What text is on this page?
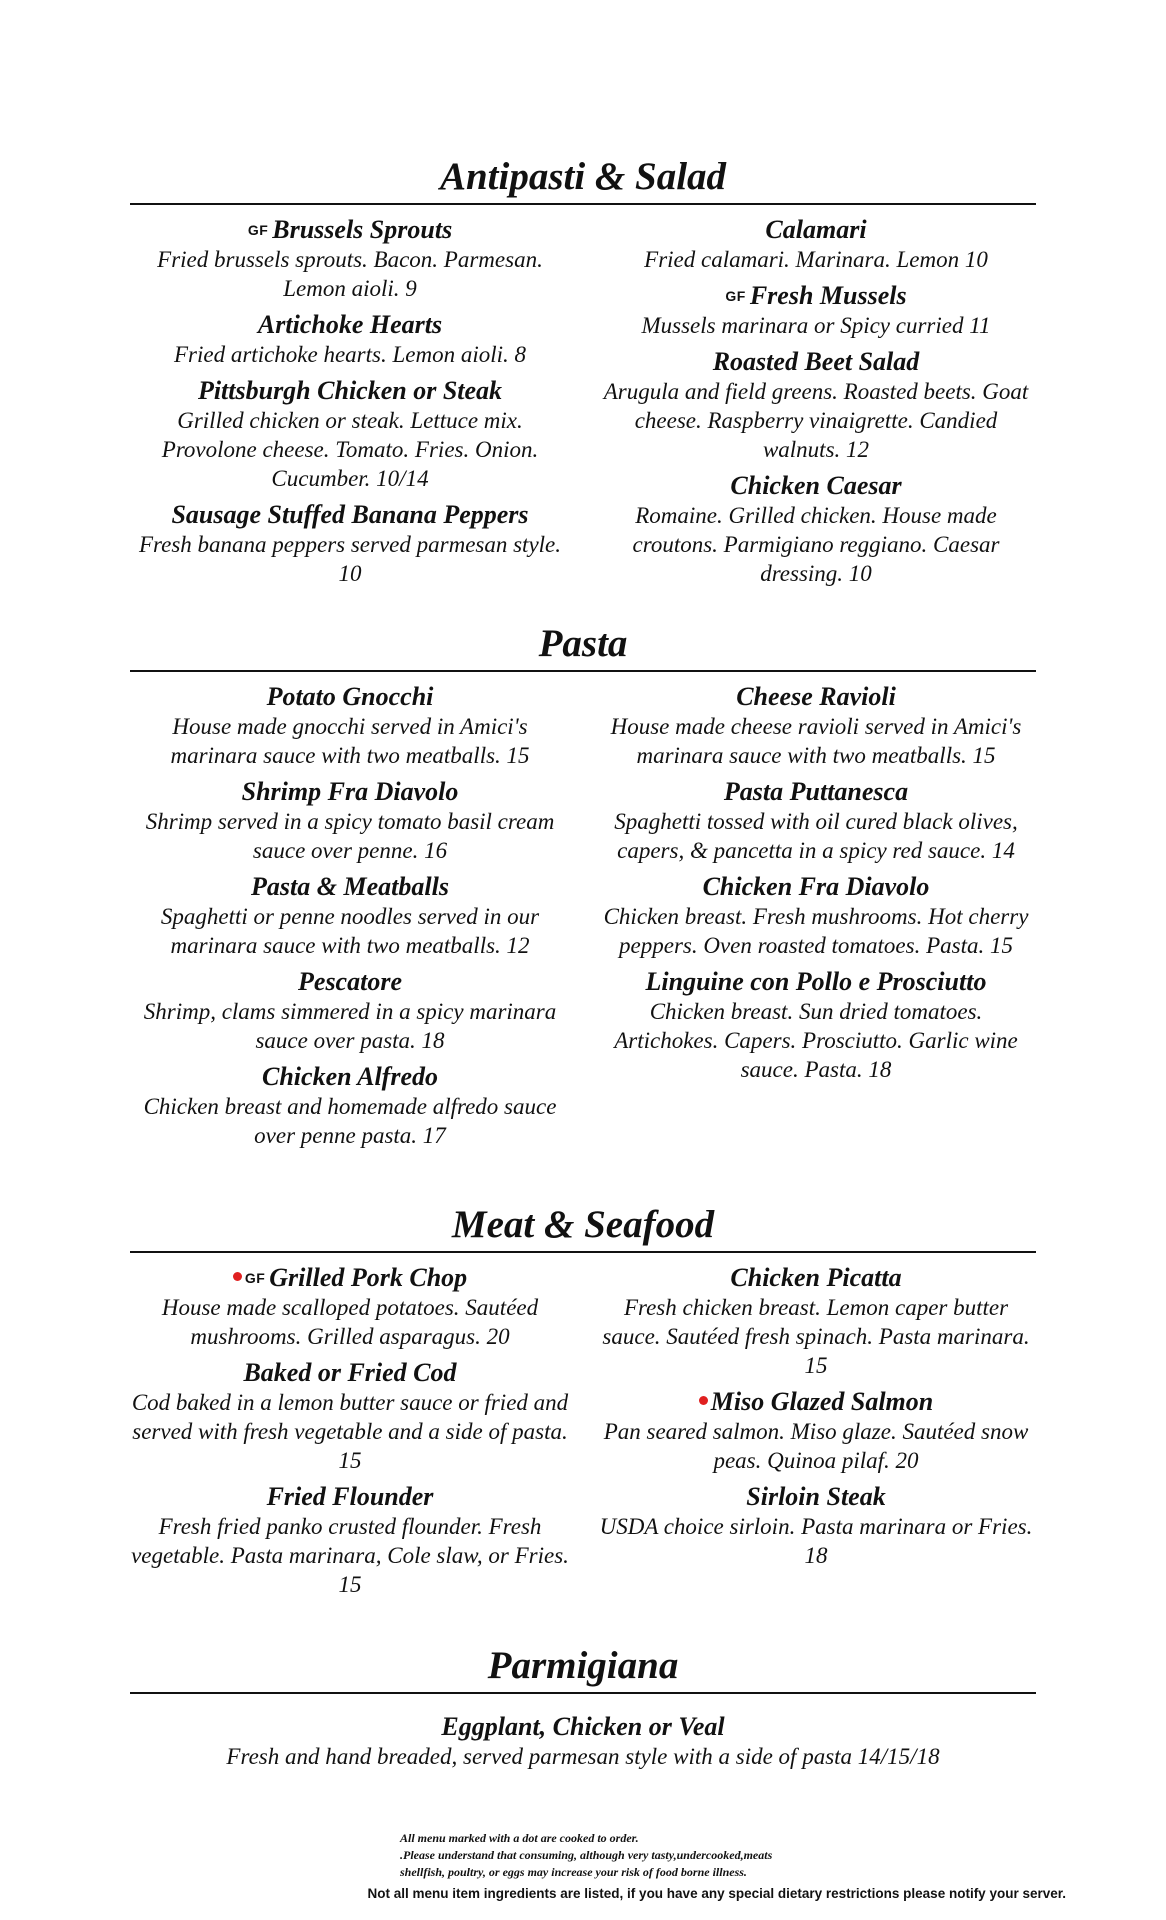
Antipasti & Salad
GF Brussels Sprouts
Fried brussels sprouts. Bacon. Parmesan. Lemon aioli. 9
Artichoke Hearts
Fried artichoke hearts. Lemon aioli. 8
Pittsburgh Chicken or Steak
Grilled chicken or steak. Lettuce mix. Provolone cheese. Tomato. Fries. Onion. Cucumber. 10/14
Sausage Stuffed Banana Peppers
Fresh banana peppers served parmesan style. 10
Calamari
Fried calamari. Marinara. Lemon 10
GF Fresh Mussels
Mussels marinara or Spicy curried 11
Roasted Beet Salad
Arugula and field greens. Roasted beets. Goat cheese. Raspberry vinaigrette. Candied walnuts. 12
Chicken Caesar
Romaine. Grilled chicken. House made croutons. Parmigiano reggiano. Caesar dressing. 10
Pasta
Potato Gnocchi
House made gnocchi served in Amici's marinara sauce with two meatballs. 15
Shrimp Fra Diavolo
Shrimp served in a spicy tomato basil cream sauce over penne. 16
Pasta & Meatballs
Spaghetti or penne noodles served in our marinara sauce with two meatballs. 12
Pescatore
Shrimp, clams simmered in a spicy marinara sauce over pasta. 18
Chicken Alfredo
Chicken breast and homemade alfredo sauce over penne pasta. 17
Cheese Ravioli
House made cheese ravioli served in Amici's marinara sauce with two meatballs. 15
Pasta Puttanesca
Spaghetti tossed with oil cured black olives, capers, & pancetta in a spicy red sauce. 14
Chicken Fra Diavolo
Chicken breast. Fresh mushrooms. Hot cherry peppers. Oven roasted tomatoes. Pasta. 15
Linguine con Pollo e Prosciutto
Chicken breast. Sun dried tomatoes. Artichokes. Capers. Prosciutto. Garlic wine sauce. Pasta. 18
Meat & Seafood
GF Grilled Pork Chop
House made scalloped potatoes. Sautéed mushrooms. Grilled asparagus. 20
Baked or Fried Cod
Cod baked in a lemon butter sauce or fried and served with fresh vegetable and a side of pasta. 15
Fried Flounder
Fresh fried panko crusted flounder. Fresh vegetable. Pasta marinara, Cole slaw, or Fries. 15
Chicken Picatta
Fresh chicken breast. Lemon caper butter sauce. Sautéed fresh spinach. Pasta marinara. 15
Miso Glazed Salmon
Pan seared salmon. Miso glaze. Sautéed snow peas. Quinoa pilaf. 20
Sirloin Steak
USDA choice sirloin. Pasta marinara or Fries. 18
Parmigiana
Eggplant, Chicken or Veal
Fresh and hand breaded, served parmesan style with a side of pasta 14/15/18
All menu marked with a dot are cooked to order.
.Please understand that consuming, although very tasty,undercooked,meats
shellfish, poultry, or eggs may increase your risk of food borne illness.
Not all menu item ingredients are listed, if you have any special dietary restrictions please notify your server.
